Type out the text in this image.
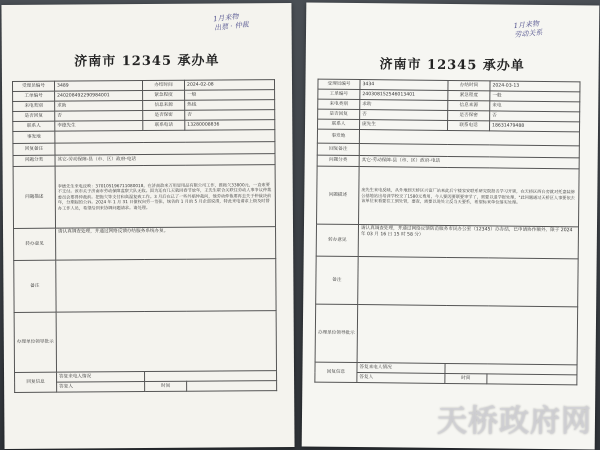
1月来物
出票 · 仲裁
济南市 12345 承办单
受理员编号	3489	办结时间	2024-02-08
工单编号	240208492290984001	紧急程度	一般
来电类别	求助	信息来源	热线
是否回复	否	是否保密	否
联系人	李德先生	联系电话	13280008836
事发地			
回复备注			
问题分类	其它-劳动保障-县（市、区）政府-电话		
问题描述	李德先生来电反映：370105196711080018，在济南政来万用显用品有限公司工作，推拖欠33800元，一直索要不支付。该市关于济南市劳动保障监察大队无收。因为还有几天就回春节放年，王先生联合关联住劳动人事争议仲裁委员会要得仲裁前。把拖欠等支付和高温复致工作。3 月后在已了一些外赔仲裁问，他劳动仲裁要再去关于仲裁决前年，分期起的公诉。2024 年 1 月 31 日债权向劳一签张，统告的 1 月的 5 月企部说清，特此来电请求上级及时督办工作人员，希望给到来协调问题请求。请处理。		
转办意见	请认真调查处理，并通过网络反馈办结服务系统办复。		
备注			
办理单位领导批示			
回复信息	答复来电人情况		
	答复人	时间	
1月来物
劳动关系
济南市 12345 承办单
受理员编号	3434	办结时间	2024-03-13
工单编号	240308152546013401	紧急程度	一般
来电类别	求助	信息来源	来电
是否回复	否	是否保密	否
联系人	庞先生	联系电话	18631479488
事发地			
回复备注			
问题分类	其它-劳动保障-县（市、区）政府-电话		
问题描述	庞先生来电反映，从外地到天桥区兴富厂站来此后宁楼家安联系研究院报名学习开锁，在天桥区西台旁就对托盘装修公基地站出培训学校交了1580元费用，今人要因要联要审学了，需要以退学报处理，"此问题通过天桥区人事要依去该单位来看要往工到处管，要查，需要以进处立反当天要系，希望标来单位落实处理。		
转办意见	请认真调查处理，并通过网络反馈防范服务市民办公室（12345）办办结，已申请协作额外，限于 2024 年 03 月 16 日 15 时 58 分）		
备注			
办理单位领导批示			
回复信息	答复来电人情况		
	答复人	时间	
天桥政府网
